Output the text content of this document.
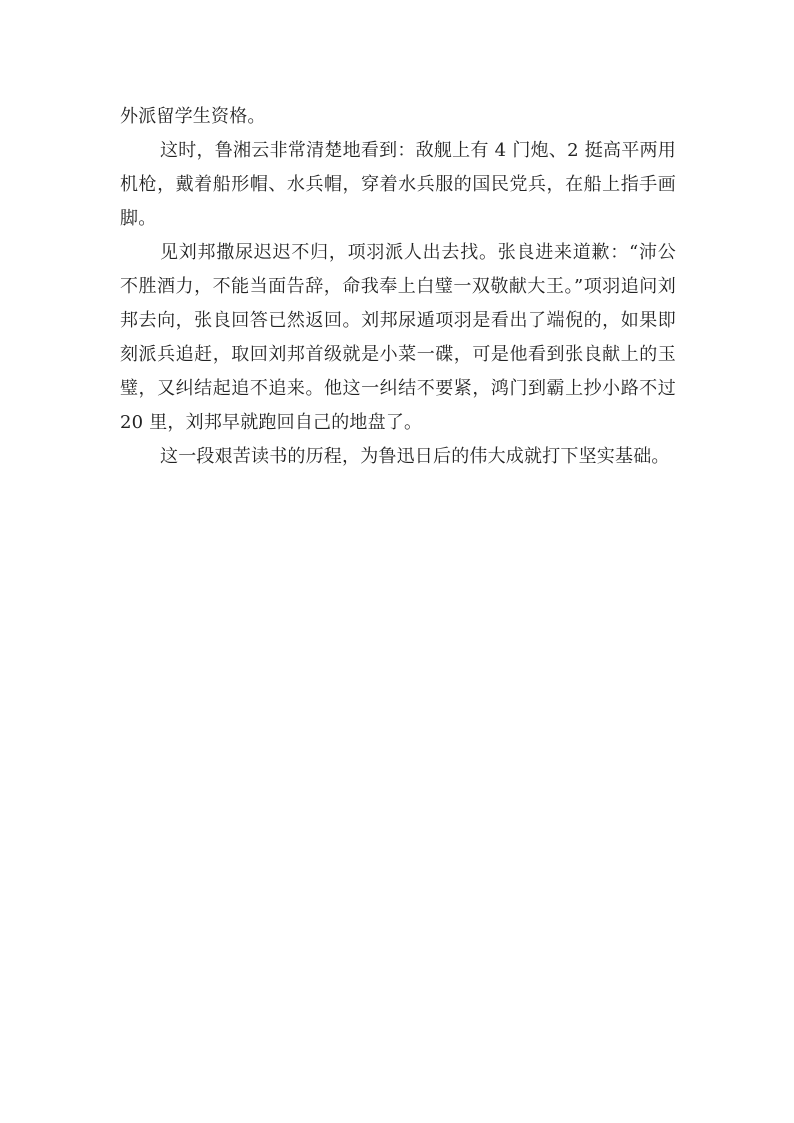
外派留学生资格。

这时，鲁湘云非常清楚地看到：敌舰上有 4 门炮、2 挺高平两用机枪，戴着船形帽、水兵帽，穿着水兵服的国民党兵，在船上指手画脚。

见刘邦撒尿迟迟不归，项羽派人出去找。张良进来道歉：“沛公不胜酒力，不能当面告辞，命我奉上白璧一双敬献大王。”项羽追问刘邦去向，张良回答已然返回。刘邦尿遁项羽是看出了端倪的，如果即刻派兵追赶，取回刘邦首级就是小菜一碟，可是他看到张良献上的玉璧，又纠结起追不追来。他这一纠结不要紧，鸿门到霸上抄小路不过 20 里，刘邦早就跑回自己的地盘了。

这一段艰苦读书的历程，为鲁迅日后的伟大成就打下坚实基础。
